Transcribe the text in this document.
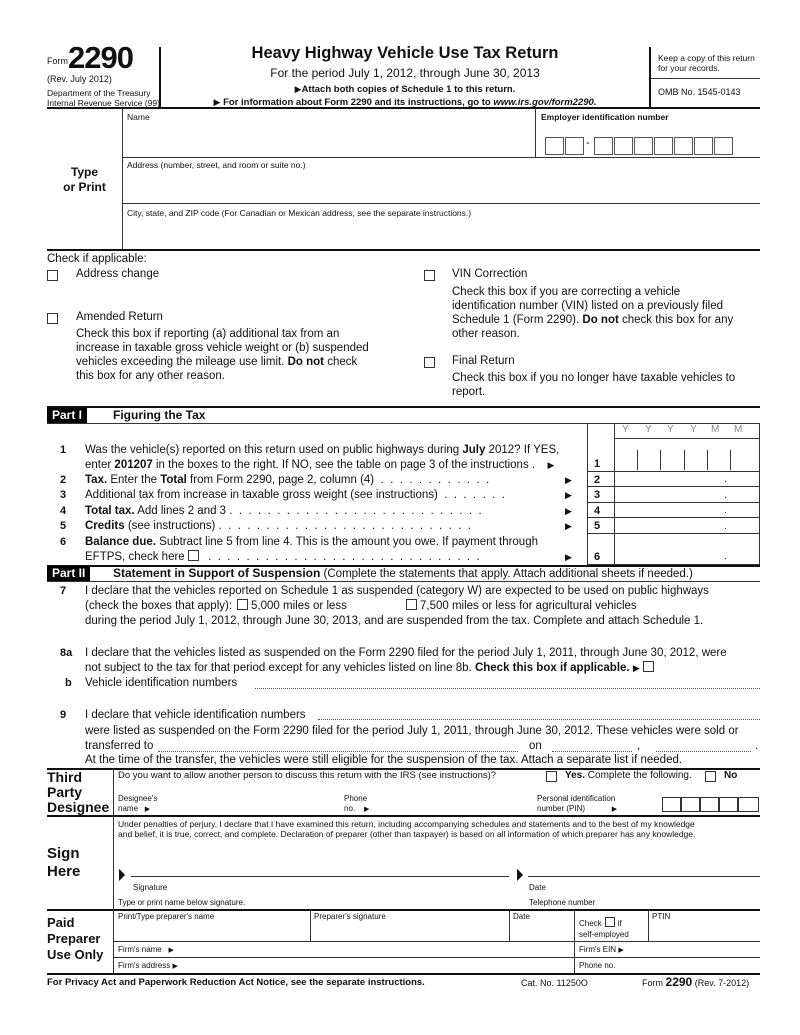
Form 2290
(Rev. July 2012)
Department of the Treasury
Internal Revenue Service (99)
Heavy Highway Vehicle Use Tax Return
For the period July 1, 2012, through June 30, 2013
▶Attach both copies of Schedule 1 to this return.
▶ For information about Form 2290 and its instructions, go to www.irs.gov/form2290.
Keep a copy of this return for your records.
OMB No. 1545-0143
Type
or Print
Name	Employer identification number
-
Address (number, street, and room or suite no.)
City, state, and ZIP code (For Canadian or Mexican address, see the separate instructions.)
Check if applicable:
Address change
Amended Return
Check this box if reporting (a) additional tax from an
increase in taxable gross vehicle weight or (b) suspended
vehicles exceeding the mileage use limit. Do not check
this box for any other reason.
VIN Correction
Check this box if you are correcting a vehicle
identification number (VIN) listed on a previously filed
Schedule 1 (Form 2290). Do not check this box for any
other reason.
Final Return
Check this box if you no longer have taxable vehicles to
report.
Part I	Figuring the Tax
Y Y Y Y M M
1 Was the vehicle(s) reported on this return used on public highways during July 2012? If YES,
enter 201207 in the boxes to the right. If NO, see the table on page 3 of the instructions .  ▶	1
2 Tax. Enter the Total from Form 2290, page 2, column (4)  .  .  .  .  .  .  .  .  .  .  .  .	▶ 2	.
3 Additional tax from increase in taxable gross weight (see instructions)  .  .  .  .  .  .  .	▶ 3	.
4 Total tax. Add lines 2 and 3 .  .  .  .  .  .  .  .  .  .  .  .  .  .  .  .  .  .  .  .  .  .  .  .  .  .  .	▶ 4	.
5 Credits (see instructions) .  .  .  .  .  .  .  .  .  .  .  .  .  .  .  .  .  .  .  .  .  .  .  .  .  .  .	▶ 5	.
6 Balance due. Subtract line 5 from line 4. This is the amount you owe. If payment through
EFTPS, check here  .  .  .  .  .  .  .  .  .  .  .  .  .  .  .  .  .  .  .  .  .  .  .  .  .  .  .  .  .	▶ 6	.
Part II	Statement in Support of Suspension (Complete the statements that apply. Attach additional sheets if needed.)
7 I declare that the vehicles reported on Schedule 1 as suspended (category W) are expected to be used on public highways
(check the boxes that apply): 5,000 miles or less	7,500 miles or less for agricultural vehicles
during the period July 1, 2012, through June 30, 2013, and are suspended from the tax. Complete and attach Schedule 1.
8a I declare that the vehicles listed as suspended on the Form 2290 filed for the period July 1, 2011, through June 30, 2012, were
not subject to the tax for that period except for any vehicles listed on line 8b. Check this box if applicable. ▶
b Vehicle identification numbers
9 I declare that vehicle identification numbers
were listed as suspended on the Form 2290 filed for the period July 1, 2011, through June 30, 2012. These vehicles were sold or
transferred to	on	,	.
At the time of the transfer, the vehicles were still eligible for the suspension of the tax. Attach a separate list if needed.
Third
Party
Designee
Do you want to allow another person to discuss this return with the IRS (see instructions)?	Yes. Complete the following.	No
Designee's
name ▶
Phone
no. ▶
Personal identification
number (PIN)	▶
Sign
Here
Under penalties of perjury, I declare that I have examined this return, including accompanying schedules and statements and to the best of my knowledge
and belief, it is true, correct, and complete. Declaration of preparer (other than taxpayer) is based on all information of which preparer has any knowledge.
▶
Signature
▶
Date
Type or print name below signature.	Telephone number
Paid
Preparer
Use Only
Print/Type preparer's name	Preparer's signature	Date
Check if
self-employed
PTIN
Firm's name ▶	Firm's EIN ▶
Firm's address ▶	Phone no.
For Privacy Act and Paperwork Reduction Act Notice, see the separate instructions.	Cat. No. 11250O	Form 2290 (Rev. 7-2012)
